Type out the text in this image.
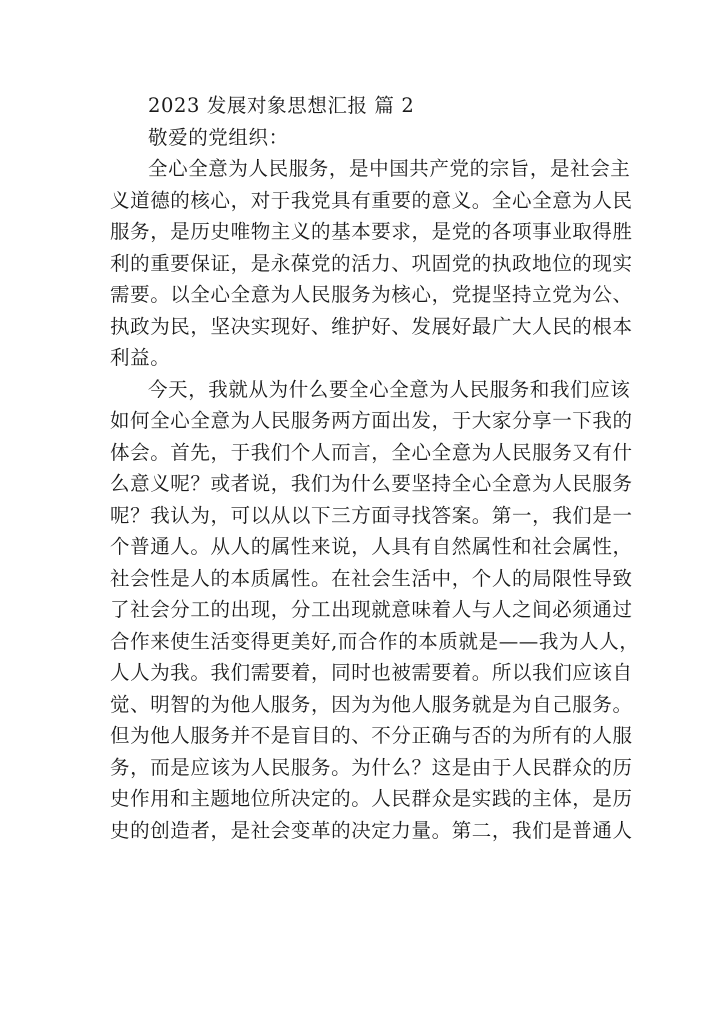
2023 发展对象思想汇报 篇 2
敬爱的党组织：
全心全意为人民服务，是中国共产党的宗旨，是社会主
义道德的核心，对于我党具有重要的意义。全心全意为人民
服务，是历史唯物主义的基本要求，是党的各项事业取得胜
利的重要保证，是永葆党的活力、巩固党的执政地位的现实
需要。以全心全意为人民服务为核心，党提坚持立党为公、
执政为民，坚决实现好、维护好、发展好最广大人民的根本
利益。
今天，我就从为什么要全心全意为人民服务和我们应该
如何全心全意为人民服务两方面出发，于大家分享一下我的
体会。首先，于我们个人而言，全心全意为人民服务又有什
么意义呢？或者说，我们为什么要坚持全心全意为人民服务
呢？我认为，可以从以下三方面寻找答案。第一，我们是一
个普通人。从人的属性来说，人具有自然属性和社会属性，
社会性是人的本质属性。在社会生活中，个人的局限性导致
了社会分工的出现，分工出现就意味着人与人之间必须通过
合作来使生活变得更美好,而合作的本质就是——我为人人，
人人为我。我们需要着，同时也被需要着。所以我们应该自
觉、明智的为他人服务，因为为他人服务就是为自己服务。
但为他人服务并不是盲目的、不分正确与否的为所有的人服
务，而是应该为人民服务。为什么？这是由于人民群众的历
史作用和主题地位所决定的。人民群众是实践的主体，是历
史的创造者，是社会变革的决定力量。第二，我们是普通人
